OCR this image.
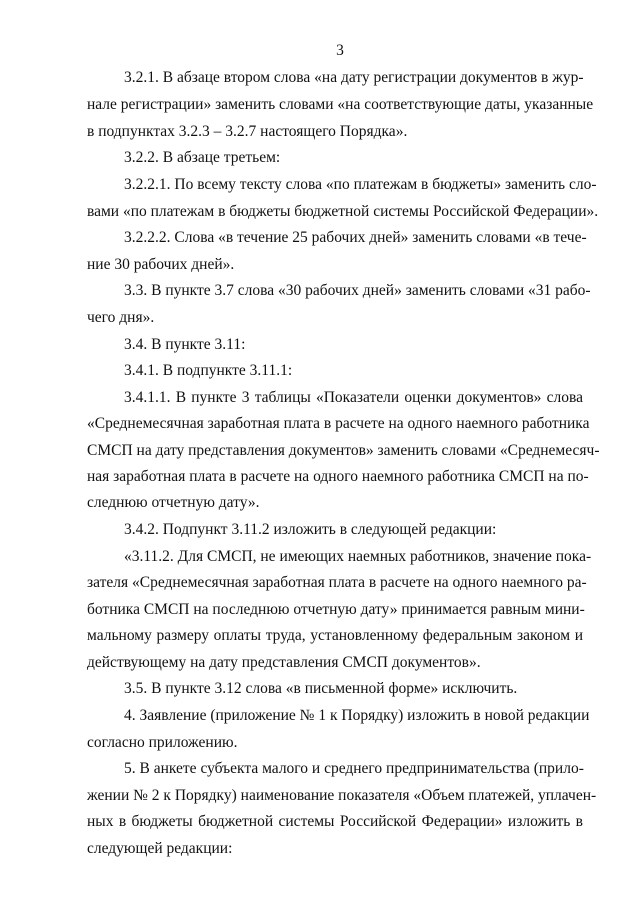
3
3.2.1. В абзаце втором слова «на дату регистрации документов в жур-
нале регистрации» заменить словами «на соответствующие даты, указанные
в подпунктах 3.2.3 – 3.2.7 настоящего Порядка».
3.2.2. В абзаце третьем:
3.2.2.1. По всему тексту слова «по платежам в бюджеты» заменить сло-
вами «по платежам в бюджеты бюджетной системы Российской Федерации».
3.2.2.2. Слова «в течение 25 рабочих дней» заменить словами «в тече-
ние 30 рабочих дней».
3.3. В пункте 3.7 слова «30 рабочих дней» заменить словами «31 рабо-
чего дня».
3.4. В пункте 3.11:
3.4.1. В подпункте 3.11.1:
3.4.1.1. В пункте 3 таблицы «Показатели оценки документов» слова
«Среднемесячная заработная плата в расчете на одного наемного работника
СМСП на дату представления документов» заменить словами «Среднемесяч-
ная заработная плата в расчете на одного наемного работника СМСП на по-
следнюю отчетную дату».
3.4.2. Подпункт 3.11.2 изложить в следующей редакции:
«3.11.2. Для СМСП, не имеющих наемных работников, значение пока-
зателя «Среднемесячная заработная плата в расчете на одного наемного ра-
ботника СМСП на последнюю отчетную дату» принимается равным мини-
мальному размеру оплаты труда, установленному федеральным законом и
действующему на дату представления СМСП документов».
3.5. В пункте 3.12 слова «в письменной форме» исключить.
4. Заявление (приложение № 1 к Порядку) изложить в новой редакции
согласно приложению.
5. В анкете субъекта малого и среднего предпринимательства (прило-
жении № 2 к Порядку) наименование показателя «Объем платежей, уплачен-
ных в бюджеты бюджетной системы Российской Федерации» изложить в
следующей редакции:
